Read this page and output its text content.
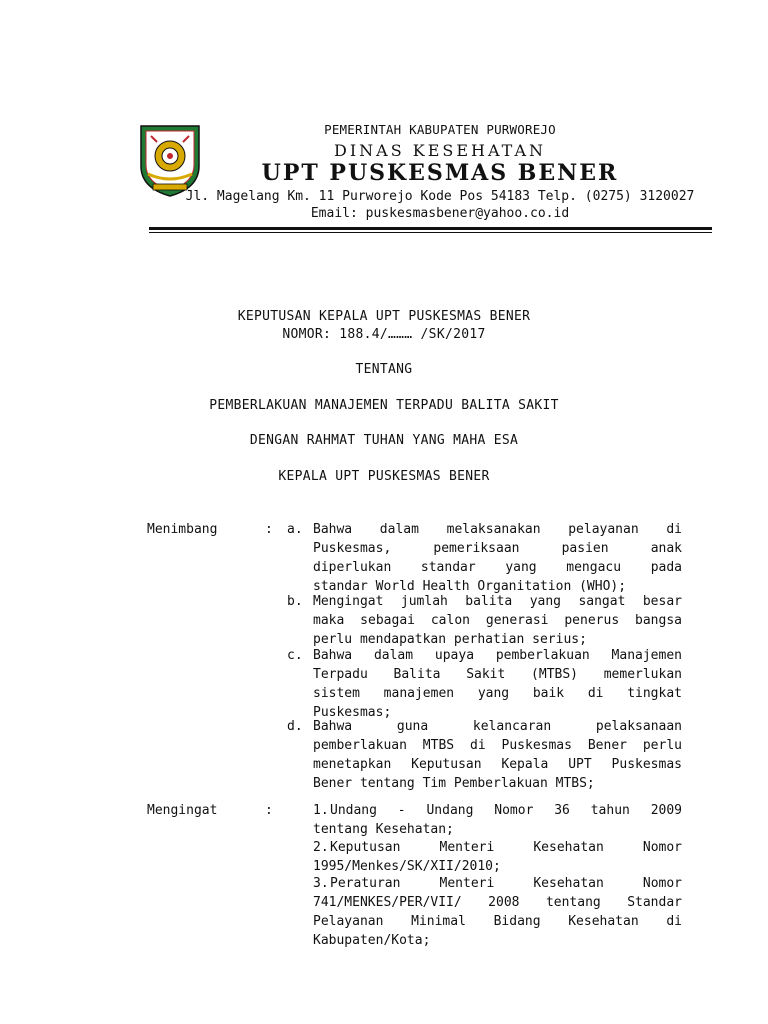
PEMERINTAH KABUPATEN PURWOREJO
DINAS KESEHATAN
UPT PUSKESMAS BENER
Jl. Magelang Km. 11 Purworejo Kode Pos 54183 Telp. (0275) 3120027
Email: puskesmasbener@yahoo.co.id
KEPUTUSAN KEPALA UPT PUSKESMAS BENER
NOMOR: 188.4/……… /SK/2017
TENTANG
PEMBERLAKUAN MANAJEMEN TERPADU BALITA SAKIT
DENGAN RAHMAT TUHAN YANG MAHA ESA
KEPALA UPT PUSKESMAS BENER
Menimbang	: a. Bahwa dalam melaksanakan pelayanan di
Puskesmas, pemeriksaan pasien anak
diperlukan standar yang mengacu pada
standar World Health Organitation (WHO);
b. Mengingat jumlah balita yang sangat besar
maka sebagai calon generasi penerus bangsa
perlu mendapatkan perhatian serius;
c. Bahwa dalam upaya pemberlakuan Manajemen
Terpadu Balita Sakit (MTBS) memerlukan
sistem manajemen yang baik di tingkat
Puskesmas;
d. Bahwa guna kelancaran pelaksanaan
pemberlakuan MTBS di Puskesmas Bener perlu
menetapkan Keputusan Kepala UPT Puskesmas
Bener tentang Tim Pemberlakuan MTBS;
Mengingat	:	1. Undang - Undang Nomor 36 tahun 2009
tentang Kesehatan;
2. Keputusan Menteri Kesehatan Nomor
1995/Menkes/SK/XII/2010;
3. Peraturan Menteri Kesehatan Nomor
741/MENKES/PER/VII/ 2008 tentang Standar
Pelayanan Minimal Bidang Kesehatan di
Kabupaten/Kota;
